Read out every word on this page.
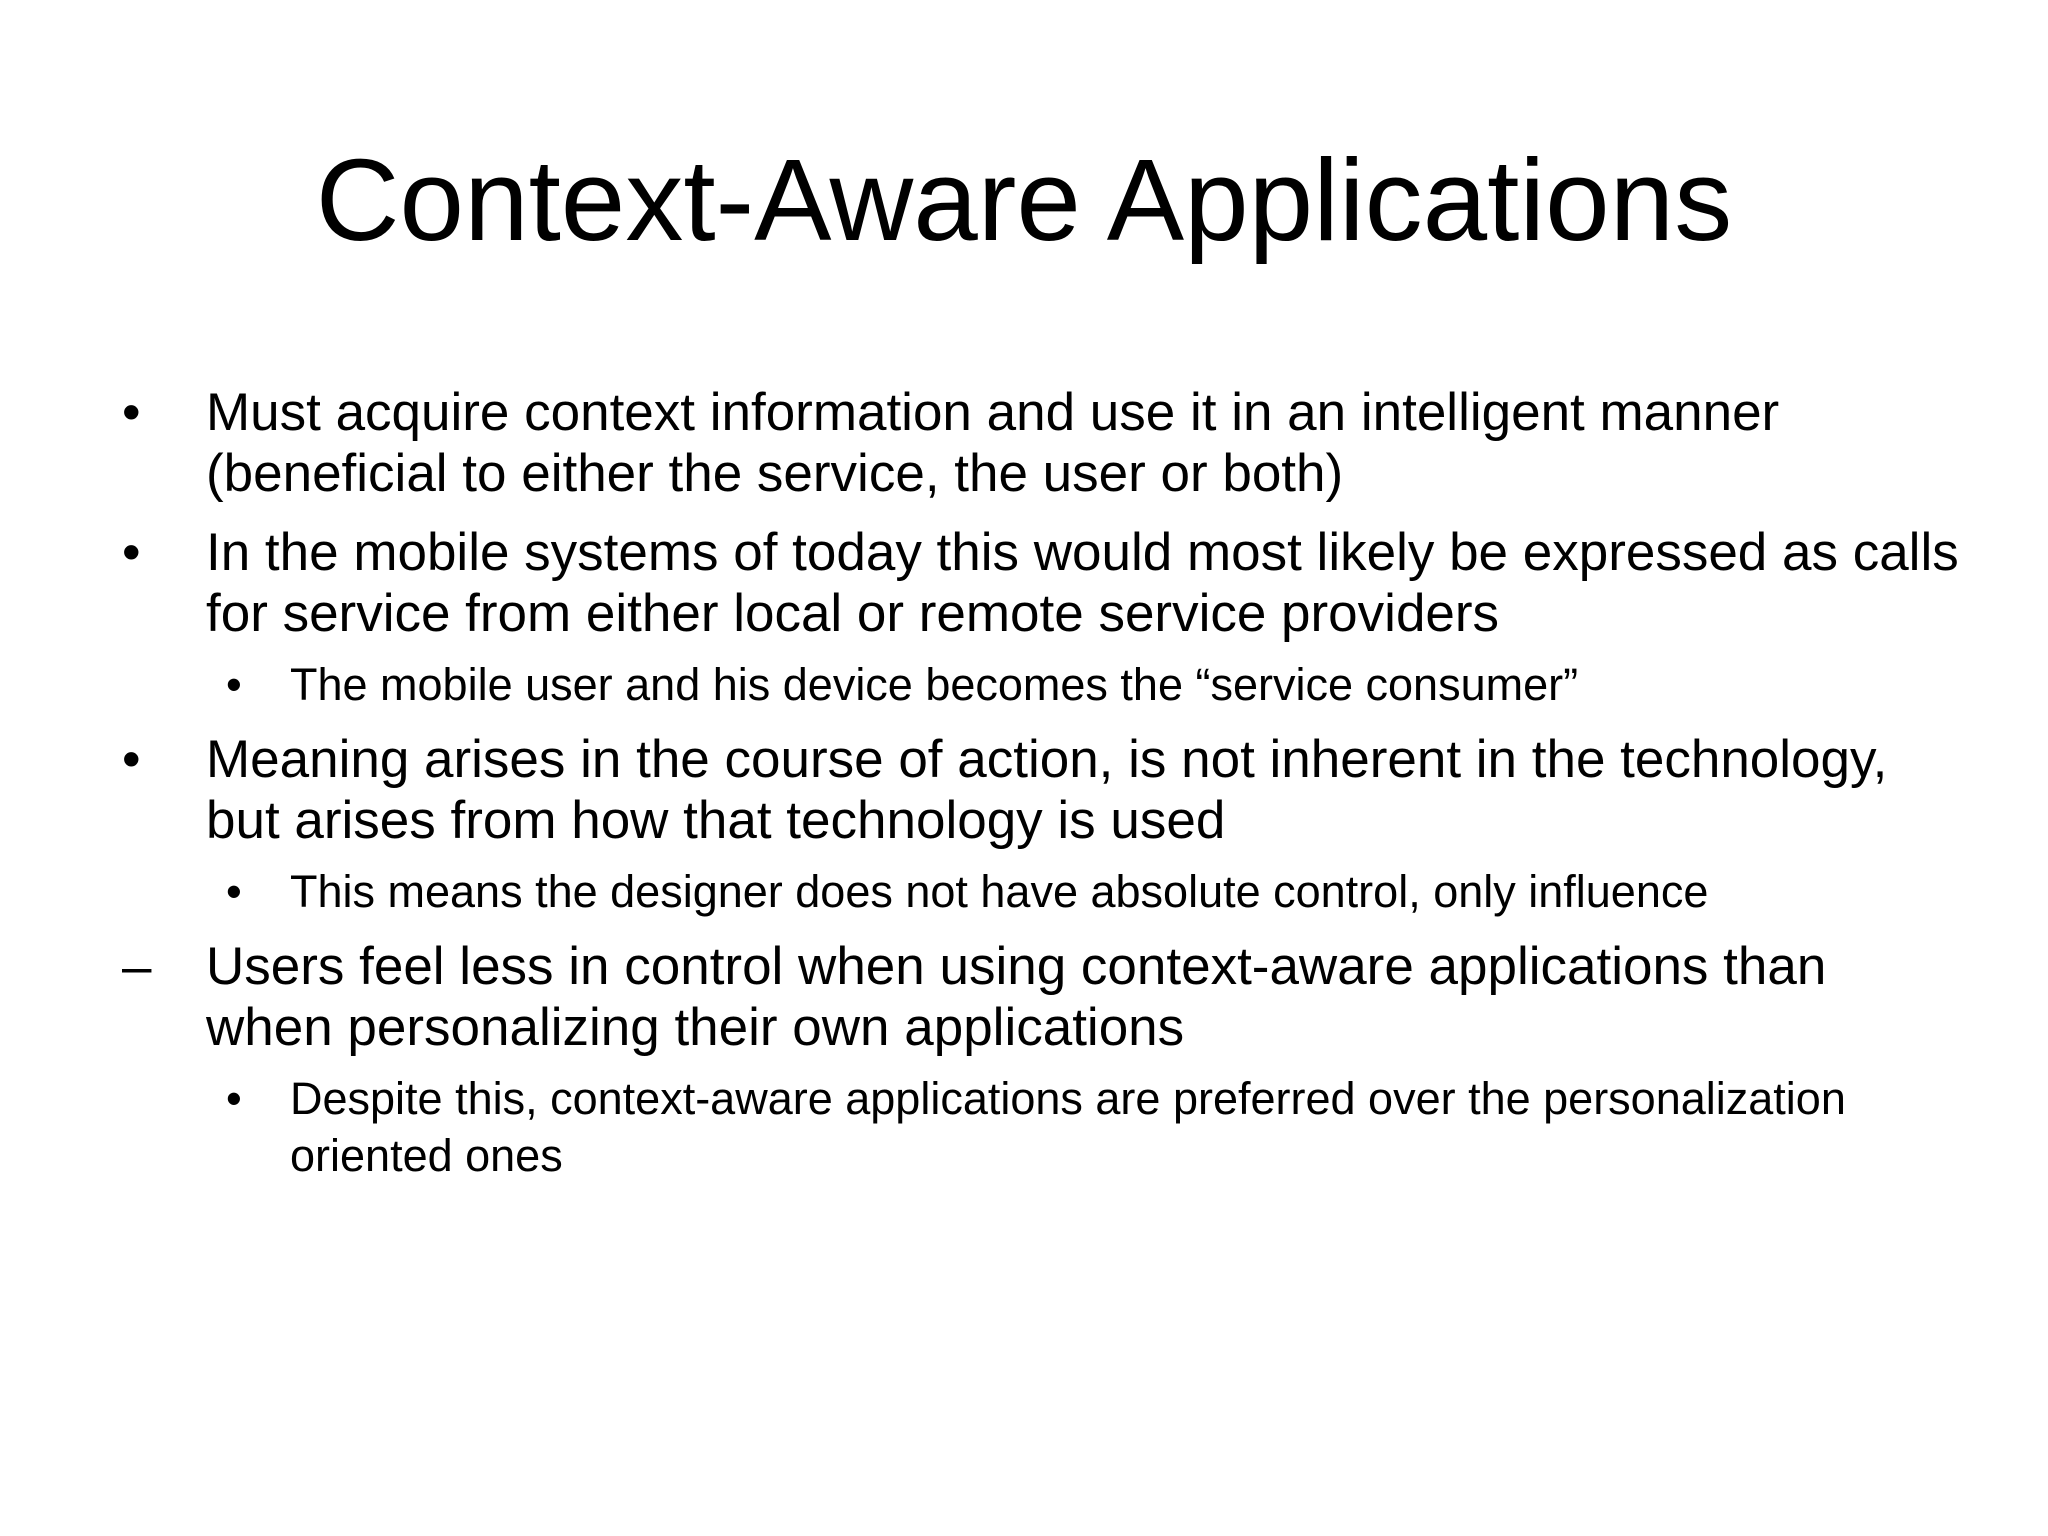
Context-Aware Applications
•	Must acquire context information and use it in an intelligent manner (beneficial to either the service, the user or both)
•	In the mobile systems of today this would most likely be expressed as calls for service from either local or remote service providers
•	The mobile user and his device becomes the “service consumer”
•	Meaning arises in the course of action, is not inherent in the technology, but arises from how that technology is used
•	This means the designer does not have absolute control, only influence
–	Users feel less in control when using context-aware applications than when personalizing their own applications
•	Despite this, context-aware applications are preferred over the personalization oriented ones
